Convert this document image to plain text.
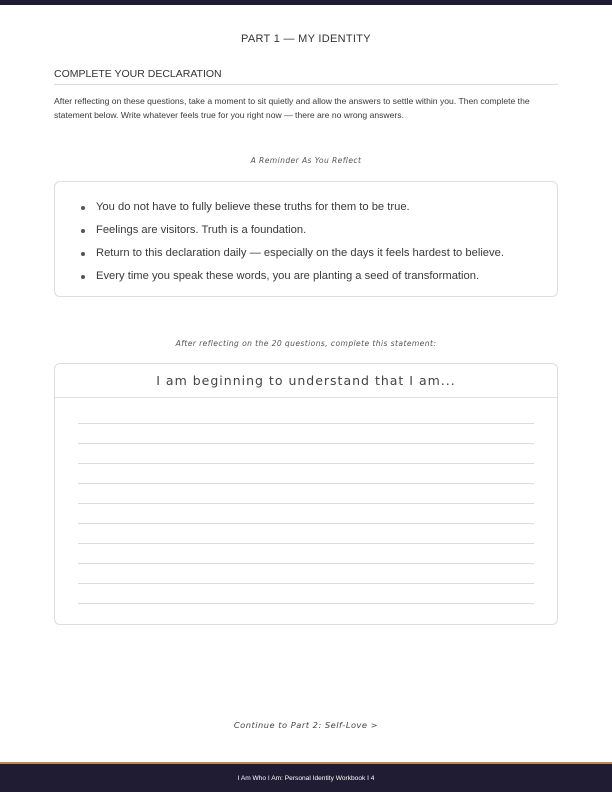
PART 1 — MY IDENTITY
COMPLETE YOUR DECLARATION

After reflecting on these questions, take a moment to sit quietly and allow the answers to settle within you. Then complete the statement below. Write whatever feels true for you right now — there are no wrong answers.

A Reminder As You Reflect
You do not have to fully believe these truths for them to be true.
Feelings are visitors. Truth is a foundation.
Return to this declaration daily — especially on the days it feels hardest to believe.
Every time you speak these words, you are planting a seed of transformation.
After reflecting on the 20 questions, complete this statement:
I am beginning to understand that I am...
Continue to Part 2: Self-Love >
I Am Who I Am: Personal Identity Workbook I 4
